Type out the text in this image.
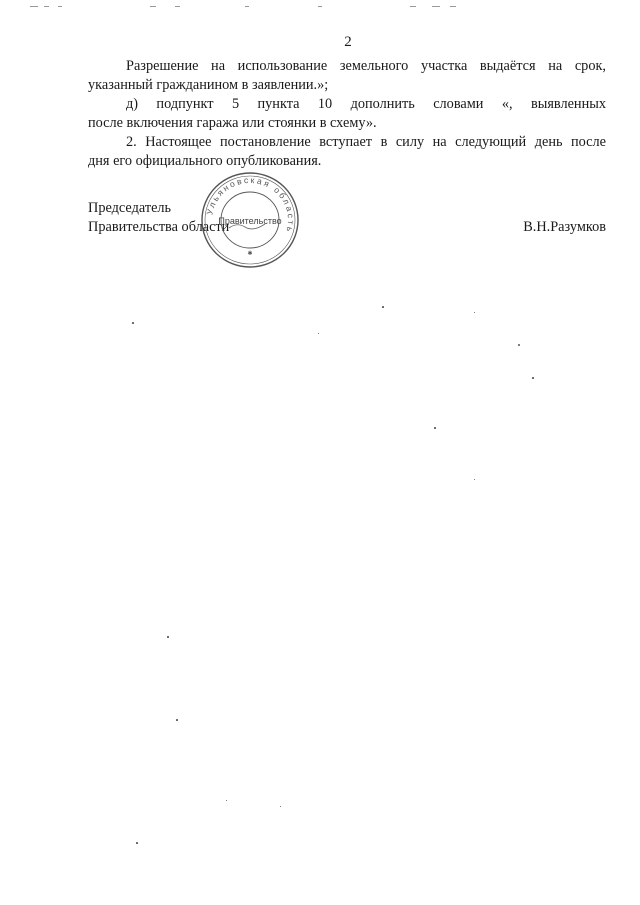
2

Разрешение на использование земельного участка выдаётся на срок,
указанный гражданином в заявлении.»;

д) подпункт 5 пункта 10 дополнить словами «, выявленных
после включения гаража или стоянки в схему».

2. Настоящее постановление вступает в силу на следующий день после
дня его официального опубликования.

Председатель
Правительства области	В.Н.Разумков
Ульяновская область
Правительство
✱
